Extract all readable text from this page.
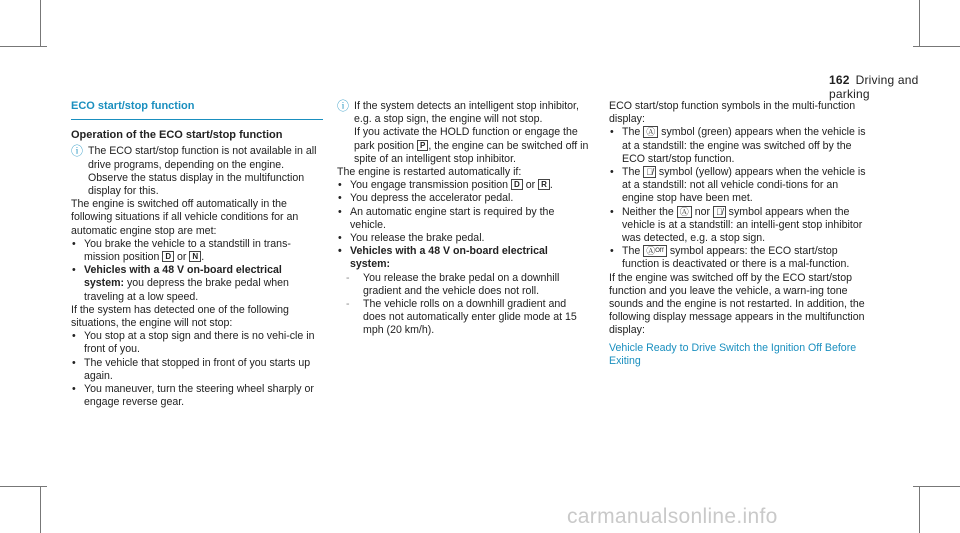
162 Driving and parking
ECO start/stop function
Operation of the ECO start/stop function
ⓘ The ECO start/stop function is not available in all drive programs, depending on the engine. Observe the status display in the multifunction display for this.

The engine is switched off automatically in the following situations if all vehicle conditions for an automatic engine stop are met:

• You brake the vehicle to a standstill in trans-mission position D or N .
• Vehicles with a 48 V on-board electrical system: you depress the brake pedal when traveling at a low speed.

If the system has detected one of the following situations, the engine will not stop:

• You stop at a stop sign and there is no vehi-cle in front of you.
• The vehicle that stopped in front of you starts up again.
• You maneuver, turn the steering wheel sharply or engage reverse gear.
ⓘ If the system detects an intelligent stop inhibitor, e.g. a stop sign, the engine will not stop.

If you activate the HOLD function or engage the park position P , the engine can be switched off in spite of an intelligent stop inhibitor.

The engine is restarted automatically if:

• You engage transmission position D or R .
• You depress the accelerator pedal.
• An automatic engine start is required by the vehicle.
• You release the brake pedal.
• Vehicles with a 48 V on-board electrical system:
- You release the brake pedal on a downhill gradient and the vehicle does not roll.
- The vehicle rolls on a downhill gradient and does not automatically enter glide mode at 15 mph (20 km/h).

ECO start/stop function symbols in the multi-function display:

• The Ⓐ symbol (green) appears when the vehicle is at a standstill: the engine was switched off by the ECO start/stop function.
• The Ⓐ̸ symbol (yellow) appears when the vehicle is at a standstill: not all vehicle condi-tions for an engine stop have been met.
• Neither the Ⓐ nor Ⓐ̸ symbol appears when the vehicle is at a standstill: an intelli-gent stop inhibitor was detected, e.g. a stop sign.
• The Ⓐᴼᶠᶠ symbol appears: the ECO start/stop function is deactivated or there is a mal-function.

If the engine was switched off by the ECO start/stop function and you leave the vehicle, a warn-ing tone sounds and the engine is not restarted. In addition, the following display message appears in the multifunction display:

Vehicle Ready to Drive Switch the Ignition Off Before Exiting

carmanualsonline.info
